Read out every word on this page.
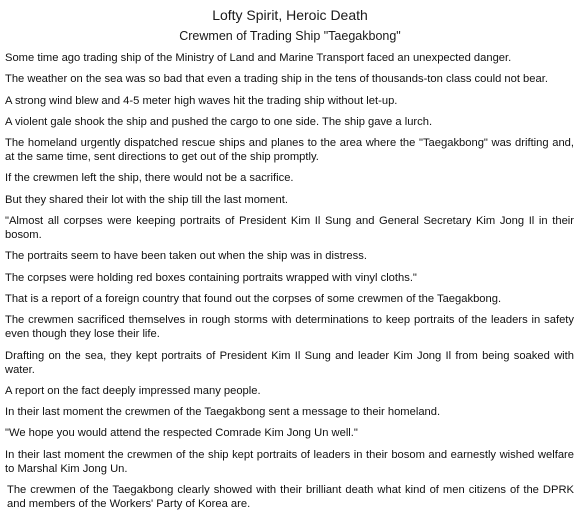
Lofty Spirit, Heroic Death
Crewmen of Trading Ship "Taegakbong"

Some time ago trading ship of the Ministry of Land and Marine Transport faced an unexpected danger.

The weather on the sea was so bad that even a trading ship in the tens of thousands-ton class could not bear.

A strong wind blew and 4-5 meter high waves hit the trading ship without let-up.

A violent gale shook the ship and pushed the cargo to one side. The ship gave a lurch.

The homeland urgently dispatched rescue ships and planes to the area where the "Taegakbong" was drifting and, at the same time, sent directions to get out of the ship promptly.

If the crewmen left the ship, there would not be a sacrifice.

But they shared their lot with the ship till the last moment.

"Almost all corpses were keeping portraits of President Kim Il Sung and General Secretary Kim Jong Il in their bosom.

The portraits seem to have been taken out when the ship was in distress.

The corpses were holding red boxes containing portraits wrapped with vinyl cloths."

That is a report of a foreign country that found out the corpses of some crewmen of the Taegakbong.

The crewmen sacrificed themselves in rough storms with determinations to keep portraits of the leaders in safety even though they lose their life.

Drafting on the sea, they kept portraits of President Kim Il Sung and leader Kim Jong Il from being soaked with water.

A report on the fact deeply impressed many people.

In their last moment the crewmen of the Taegakbong sent a message to their homeland.

"We hope you would attend the respected Comrade Kim Jong Un well."

In their last moment the crewmen of the ship kept portraits of leaders in their bosom and earnestly wished welfare to Marshal Kim Jong Un.

The crewmen of the Taegakbong clearly showed with their brilliant death what kind of men citizens of the DPRK and members of the Workers' Party of Korea are.
